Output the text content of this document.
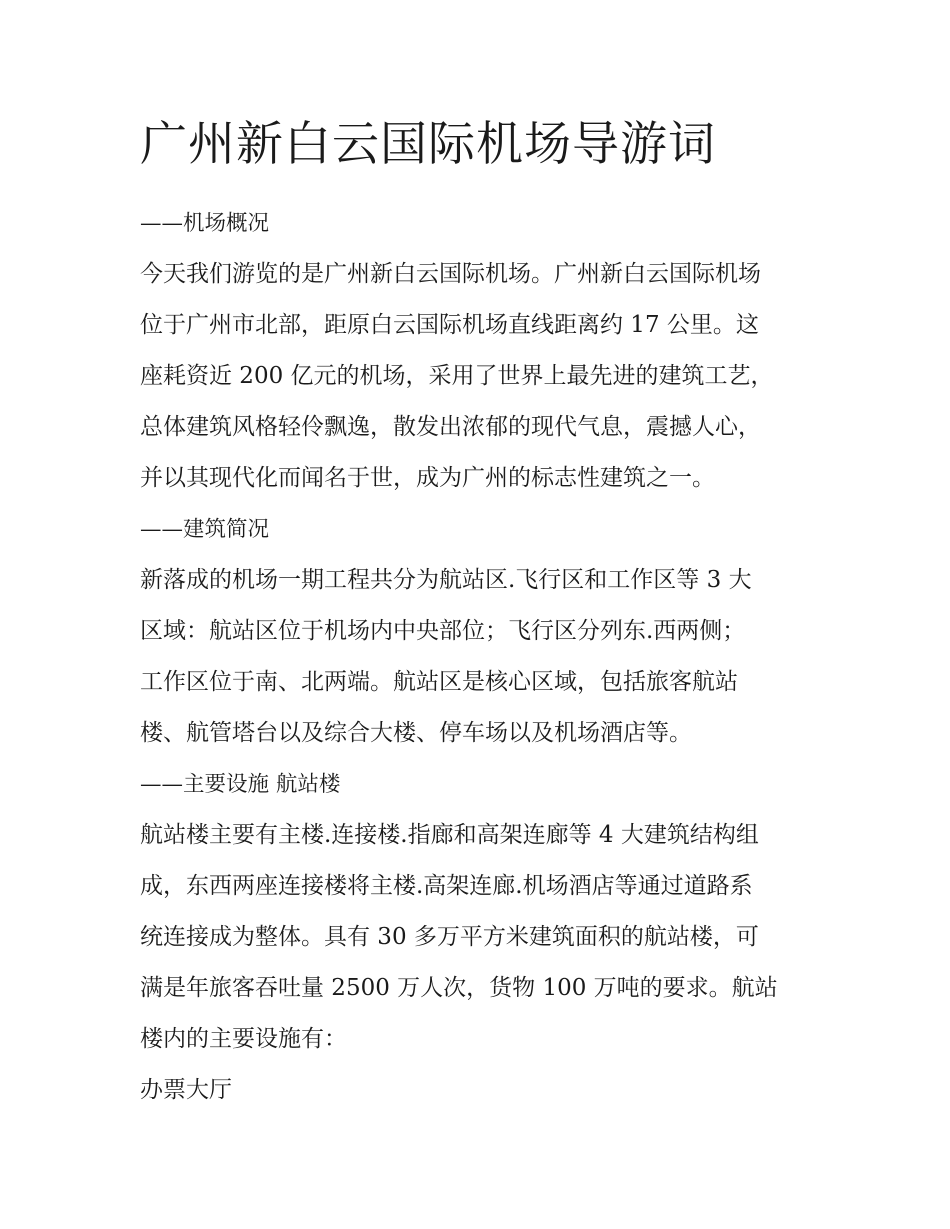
广州新白云国际机场导游词

——机场概况

今天我们游览的是广州新白云国际机场。广州新白云国际机场

位于广州市北部，距原白云国际机场直线距离约 17 公里。这

座耗资近 200 亿元的机场，采用了世界上最先进的建筑工艺，

总体建筑风格轻伶飘逸，散发出浓郁的现代气息，震撼人心，

并以其现代化而闻名于世，成为广州的标志性建筑之一。

——建筑简况

新落成的机场一期工程共分为航站区.飞行区和工作区等 3 大

区域：航站区位于机场内中央部位；飞行区分列东.西两侧；

工作区位于南、北两端。航站区是核心区域，包括旅客航站

楼、航管塔台以及综合大楼、停车场以及机场酒店等。

——主要设施 航站楼

航站楼主要有主楼.连接楼.指廊和高架连廊等 4 大建筑结构组

成，东西两座连接楼将主楼.高架连廊.机场酒店等通过道路系

统连接成为整体。具有 30 多万平方米建筑面积的航站楼，可

满是年旅客吞吐量 2500 万人次，货物 100 万吨的要求。航站

楼内的主要设施有：

办票大厅
